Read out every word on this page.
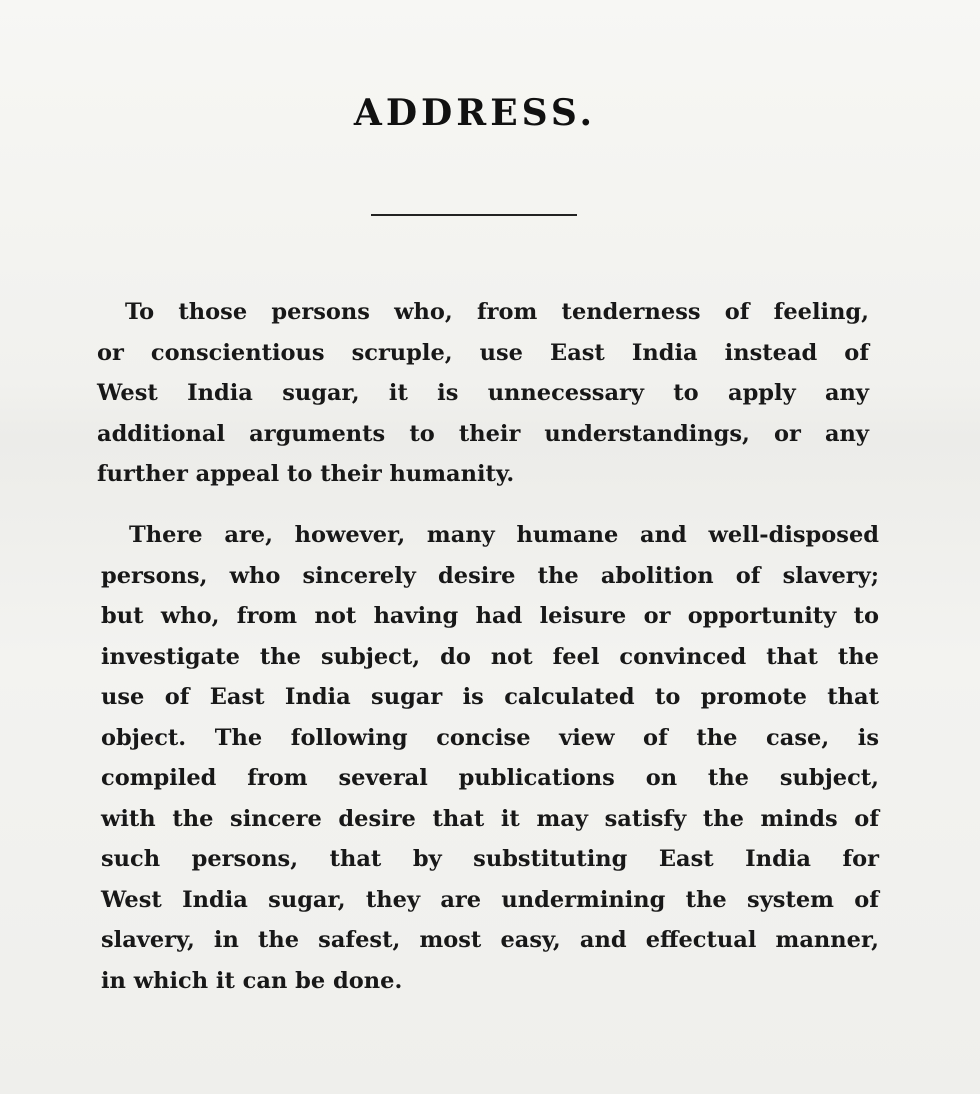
ADDRESS.

To those persons who, from tenderness of feeling,
or conscientious scruple, use East India instead of
West India sugar, it is unnecessary to apply any
additional arguments to their understandings, or any
further appeal to their humanity.

There are, however, many humane and well-disposed
persons, who sincerely desire the abolition of slavery;
but who, from not having had leisure or opportunity to
investigate the subject, do not feel convinced that the
use of East India sugar is calculated to promote that
object. The following concise view of the case, is
compiled from several publications on the subject,
with the sincere desire that it may satisfy the minds of
such persons, that by substituting East India for
West India sugar, they are undermining the system of
slavery, in the safest, most easy, and effectual manner,
in which it can be done.
